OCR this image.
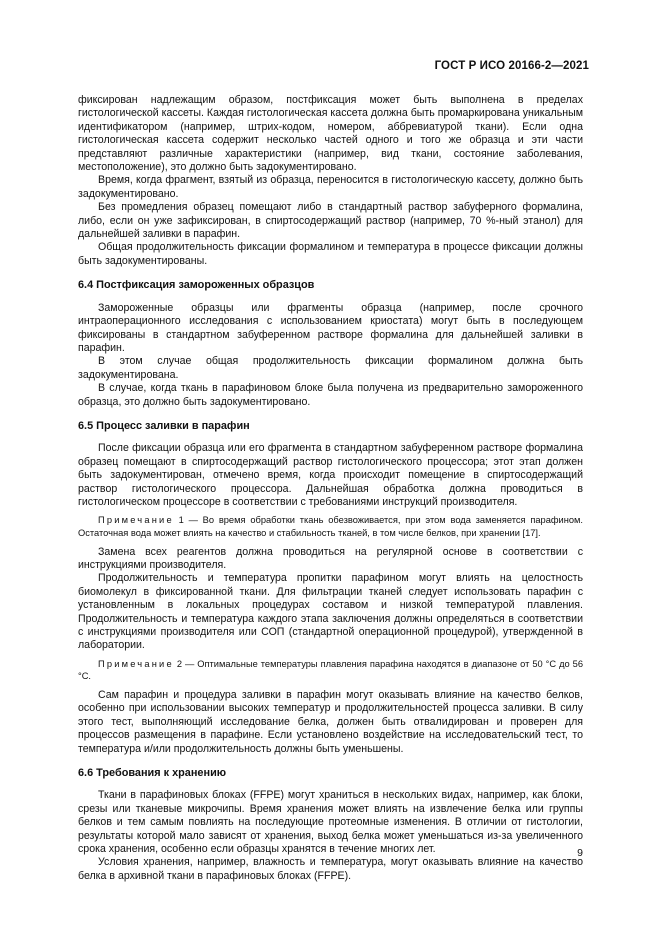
ГОСТ Р ИСО 20166-2—2021

фиксирован надлежащим образом, постфиксация может быть выполнена в пределах гистологической кассеты. Каждая гистологическая кассета должна быть промаркирована уникальным идентификатором (например, штрих-кодом, номером, аббревиатурой ткани). Если одна гистологическая кассета содержит несколько частей одного и того же образца и эти части представляют различные характеристики (например, вид ткани, состояние заболевания, местоположение), это должно быть задокументировано.

Время, когда фрагмент, взятый из образца, переносится в гистологическую кассету, должно быть задокументировано.

Без промедления образец помещают либо в стандартный раствор забуферного формалина, либо, если он уже зафиксирован, в спиртосодержащий раствор (например, 70 %-ный этанол) для дальнейшей заливки в парафин.

Общая продолжительность фиксации формалином и температура в процессе фиксации должны быть задокументированы.

6.4 Постфиксация замороженных образцов

Замороженные образцы или фрагменты образца (например, после срочного интраоперационного исследования с использованием криостата) могут быть в последующем фиксированы в стандартном забуференном растворе формалина для дальнейшей заливки в парафин.

В этом случае общая продолжительность фиксации формалином должна быть задокументирована.

В случае, когда ткань в парафиновом блоке была получена из предварительно замороженного образца, это должно быть задокументировано.

6.5 Процесс заливки в парафин

После фиксации образца или его фрагмента в стандартном забуференном растворе формалина образец помещают в спиртосодержащий раствор гистологического процессора; этот этап должен быть задокументирован, отмечено время, когда происходит помещение в спиртосодержащий раствор гистологического процессора. Дальнейшая обработка должна проводиться в гистологическом процессоре в соответствии с требованиями инструкций производителя.

Примечание 1 — Во время обработки ткань обезвоживается, при этом вода заменяется парафином. Остаточная вода может влиять на качество и стабильность тканей, в том числе белков, при хранении [17].

Замена всех реагентов должна проводиться на регулярной основе в соответствии с инструкциями производителя.

Продолжительность и температура пропитки парафином могут влиять на целостность биомолекул в фиксированной ткани. Для фильтрации тканей следует использовать парафин с установленным в локальных процедурах составом и низкой температурой плавления. Продолжительность и температура каждого этапа заключения должны определяться в соответствии с инструкциями производителя или СОП (стандартной операционной процедурой), утвержденной в лаборатории.

Примечание 2 — Оптимальные температуры плавления парафина находятся в диапазоне от 50 °С до 56 °С.

Сам парафин и процедура заливки в парафин могут оказывать влияние на качество белков, особенно при использовании высоких температур и продолжительностей процесса заливки. В силу этого тест, выполняющий исследование белка, должен быть отвалидирован и проверен для процессов размещения в парафине. Если установлено воздействие на исследовательский тест, то температура и/или продолжительность должны быть уменьшены.

6.6 Требования к хранению

Ткани в парафиновых блоках (FFPE) могут храниться в нескольких видах, например, как блоки, срезы или тканевые микрочипы. Время хранения может влиять на извлечение белка или группы белков и тем самым повлиять на последующие протеомные изменения. В отличии от гистологии, результаты которой мало зависят от хранения, выход белка может уменьшаться из-за увеличенного срока хранения, особенно если образцы хранятся в течение многих лет.

Условия хранения, например, влажность и температура, могут оказывать влияние на качество белка в архивной ткани в парафиновых блоках (FFPE).

9
